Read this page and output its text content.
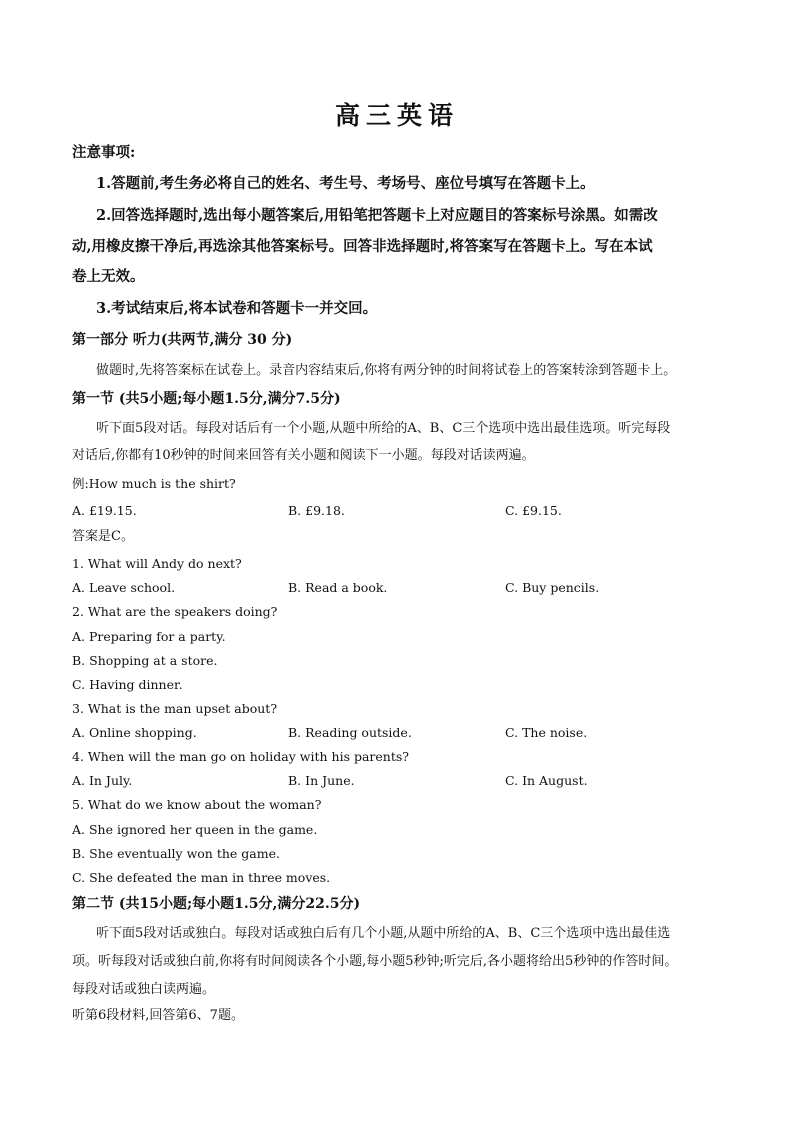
高三英语
注意事项:
1.答题前,考生务必将自己的姓名、考生号、考场号、座位号填写在答题卡上。
2.回答选择题时,选出每小题答案后,用铅笔把答题卡上对应题目的答案标号涂黑。如需改
动,用橡皮擦干净后,再选涂其他答案标号。回答非选择题时,将答案写在答题卡上。写在本试
卷上无效。
3.考试结束后,将本试卷和答题卡一并交回。
第一部分 听力(共两节,满分 30 分)
做题时,先将答案标在试卷上。录音内容结束后,你将有两分钟的时间将试卷上的答案转涂到答题卡上。
第一节 (共5小题;每小题1.5分,满分7.5分)
听下面5段对话。每段对话后有一个小题,从题中所给的A、B、C三个选项中选出最佳选项。听完每段
对话后,你都有10秒钟的时间来回答有关小题和阅读下一小题。每段对话读两遍。
例:How much is the shirt?
A. £19.15.	B. £9.18.	C. £9.15.
答案是C。
1. What will Andy do next?
A. Leave school.	B. Read a book.	C. Buy pencils.
2. What are the speakers doing?
A. Preparing for a party.
B. Shopping at a store.
C. Having dinner.
3. What is the man upset about?
A. Online shopping.	B. Reading outside.	C. The noise.
4. When will the man go on holiday with his parents?
A. In July.	B. In June.	C. In August.
5. What do we know about the woman?
A. She ignored her queen in the game.
B. She eventually won the game.
C. She defeated the man in three moves.
第二节 (共15小题;每小题1.5分,满分22.5分)
听下面5段对话或独白。每段对话或独白后有几个小题,从题中所给的A、B、C三个选项中选出最佳选
项。听每段对话或独白前,你将有时间阅读各个小题,每小题5秒钟;听完后,各小题将给出5秒钟的作答时间。
每段对话或独白读两遍。
听第6段材料,回答第6、7题。
